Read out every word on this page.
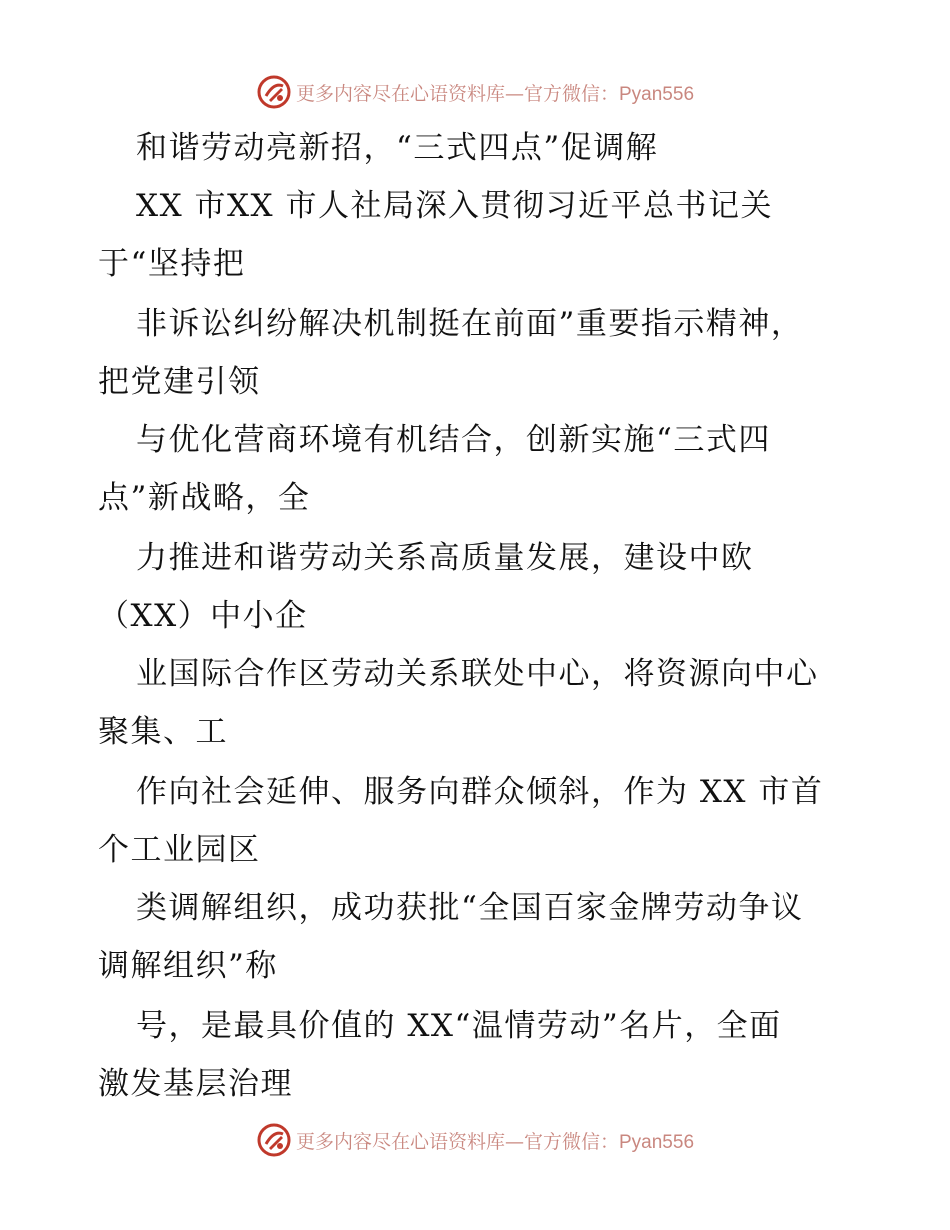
更多内容尽在心语资料库—官方微信：Pyan556
和谐劳动亮新招，“三式四点”促调解
XX 市XX 市人社局深入贯彻习近平总书记关
于“坚持把
非诉讼纠纷解决机制挺在前面”重要指示精神，
把党建引领
与优化营商环境有机结合，创新实施“三式四
点”新战略，全
力推进和谐劳动关系高质量发展，建设中欧
（XX）中小企
业国际合作区劳动关系联处中心，将资源向中心
聚集、工
作向社会延伸、服务向群众倾斜，作为 XX 市首
个工业园区
类调解组织，成功获批“全国百家金牌劳动争议
调解组织”称
号，是最具价值的 XX“温情劳动”名片，全面
激发基层治理
更多内容尽在心语资料库—官方微信：Pyan556
